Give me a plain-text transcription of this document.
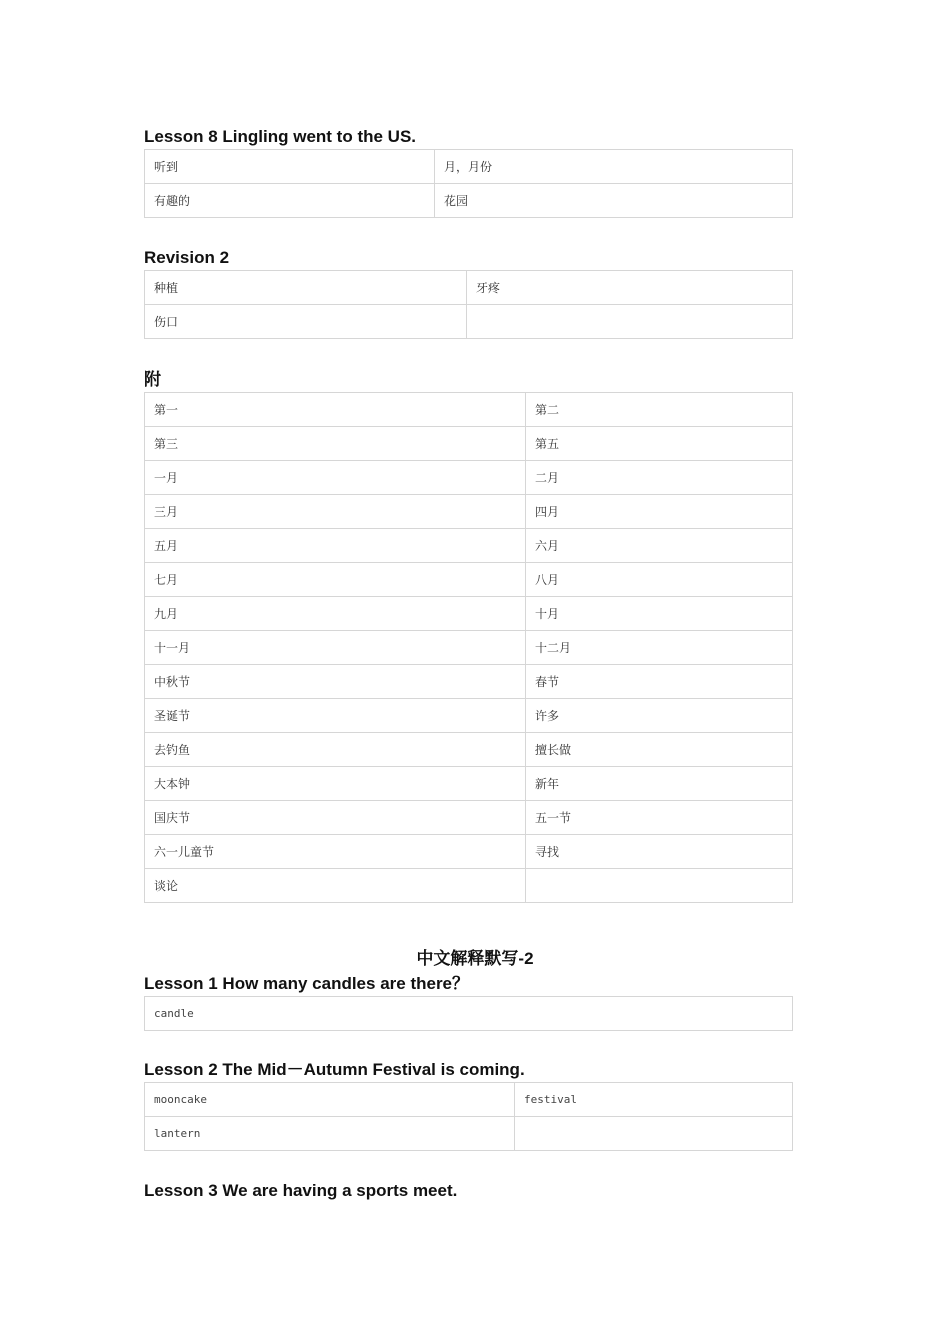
Lesson 8 Lingling went to the US.
听到	月，月份
有趣的	花园
Revision 2
种植	牙疼
伤口	
附
第一	第二
第三	第五
一月	二月
三月	四月
五月	六月
七月	八月
九月	十月
十一月	十二月
中秋节	春节
圣诞节	许多
去钓鱼	擅长做
大本钟	新年
国庆节	五一节
六一儿童节	寻找
谈论	
中文解释默写-2
Lesson 1 How many candles are there？
candle
Lesson 2 The Mid－Autumn Festival is coming.
mooncake	festival
lantern	
Lesson 3 We are having a sports meet.
